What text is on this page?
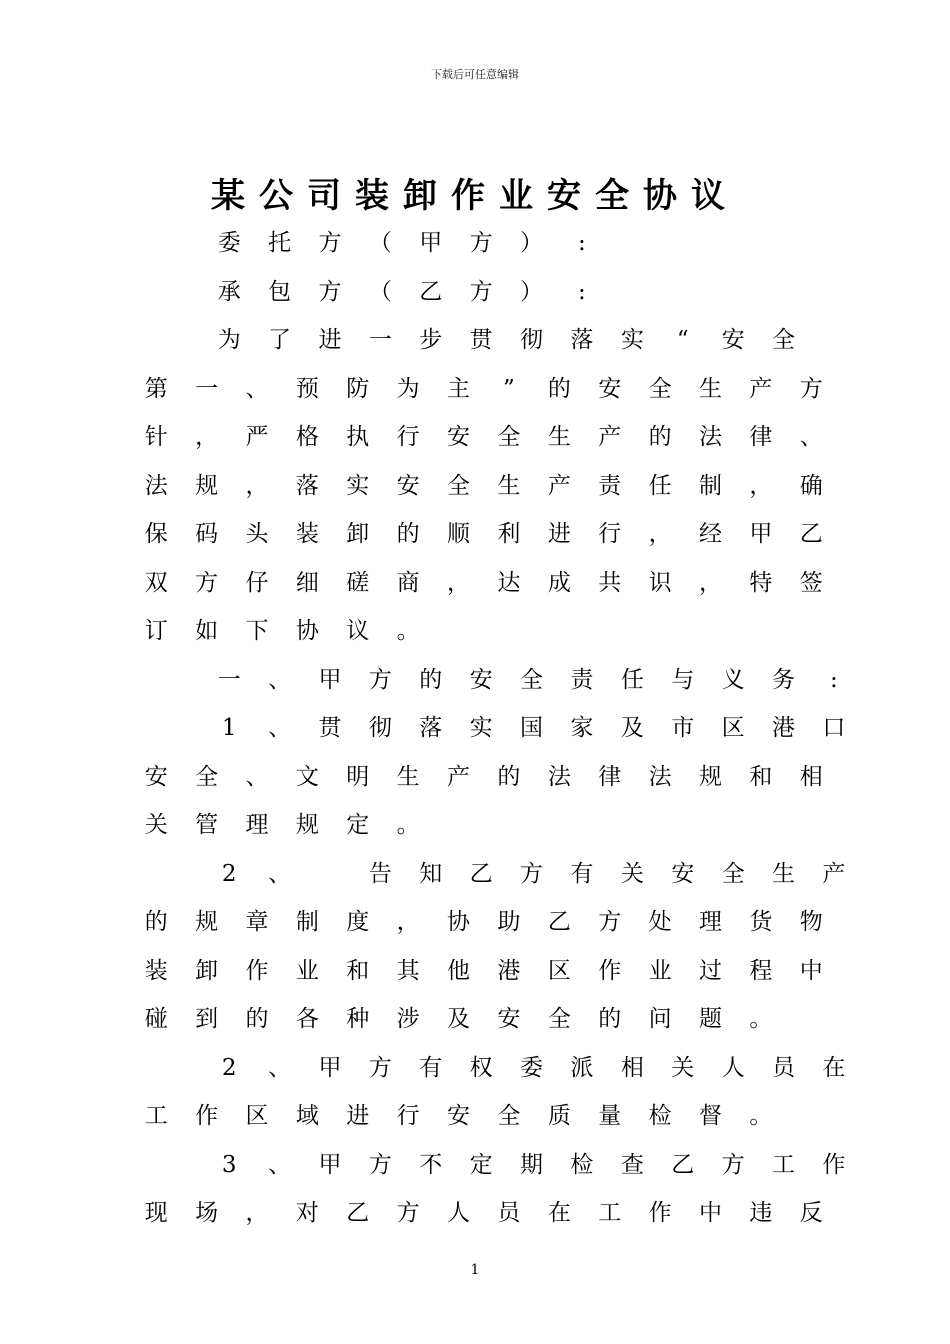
下载后可任意编辑
某公司装卸作业安全协议
委 托 方 （ 甲 方 ） :
承 包 方 （ 乙 方 ） :
为 了 进 一 步 贯 彻 落 实 “ 安 全
第 一 、 预 防 为 主 ” 的 安 全 生 产 方
针 ， 严 格 执 行 安 全 生 产 的 法 律 、
法 规 ， 落 实 安 全 生 产 责 任 制 ， 确
保 码 头 装 卸 的 顺 利 进 行 ， 经 甲 乙
双 方 仔 细 磋 商 ， 达 成 共 识 ， 特 签
订 如 下 协 议 。
一 、 甲 方 的 安 全 责 任 与 义 务 :
1 、 贯 彻 落 实 国 家 及 市 区 港 口
安 全 、 文 明 生 产 的 法 律 法 规 和 相
关 管 理 规 定 。
2 、	告 知 乙 方 有 关 安 全 生 产
的 规 章 制 度 ， 协 助 乙 方 处 理 货 物
装 卸 作 业 和 其 他 港 区 作 业 过 程 中
碰 到 的 各 种 涉 及 安 全 的 问 题 。
2 、 甲 方 有 权 委 派 相 关 人 员 在
工 作 区 域 进 行 安 全 质 量 检 督 。
3 、 甲 方 不 定 期 检 查 乙 方 工 作
现 场 ， 对 乙 方 人 员 在 工 作 中 违 反
1
